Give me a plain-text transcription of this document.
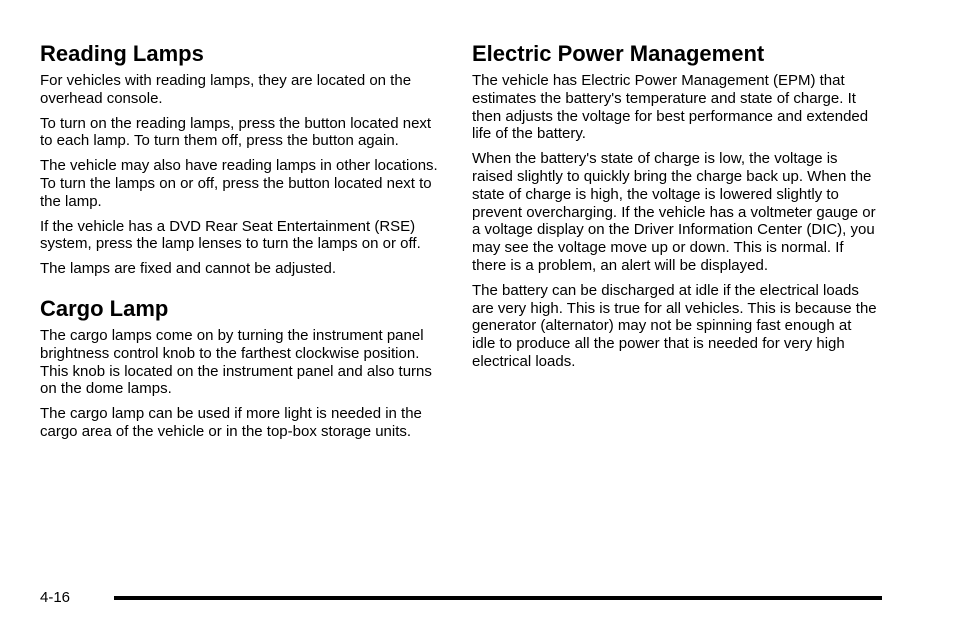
Reading Lamps

For vehicles with reading lamps, they are located on the overhead console.

To turn on the reading lamps, press the button located next to each lamp. To turn them off, press the button again.

The vehicle may also have reading lamps in other locations. To turn the lamps on or off, press the button located next to the lamp.

If the vehicle has a DVD Rear Seat Entertainment (RSE) system, press the lamp lenses to turn the lamps on or off.

The lamps are fixed and cannot be adjusted.

Cargo Lamp

The cargo lamps come on by turning the instrument panel brightness control knob to the farthest clockwise position. This knob is located on the instrument panel and also turns on the dome lamps.

The cargo lamp can be used if more light is needed in the cargo area of the vehicle or in the top-box storage units.

Electric Power Management

The vehicle has Electric Power Management (EPM) that estimates the battery's temperature and state of charge. It then adjusts the voltage for best performance and extended life of the battery.

When the battery's state of charge is low, the voltage is raised slightly to quickly bring the charge back up. When the state of charge is high, the voltage is lowered slightly to prevent overcharging. If the vehicle has a voltmeter gauge or a voltage display on the Driver Information Center (DIC), you may see the voltage move up or down. This is normal. If there is a problem, an alert will be displayed.

The battery can be discharged at idle if the electrical loads are very high. This is true for all vehicles. This is because the generator (alternator) may not be spinning fast enough at idle to produce all the power that is needed for very high electrical loads.

4-16
